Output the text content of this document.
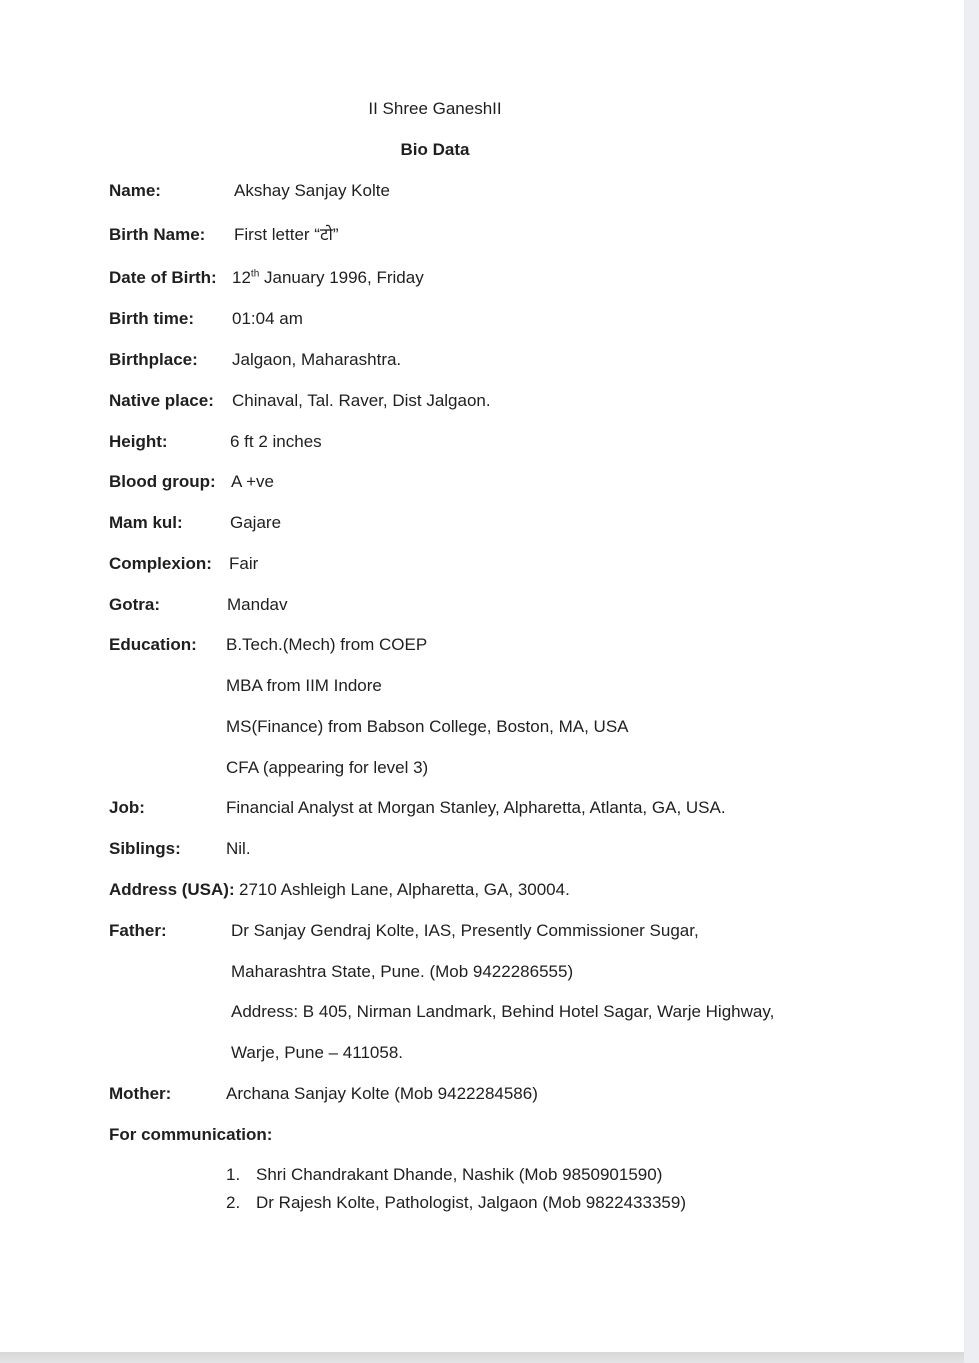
II Shree GaneshII
Bio Data
Name:	Akshay Sanjay Kolte
Birth Name: First letter “टो”
Date of Birth: 12th January 1996, Friday
Birth time: 01:04 am
Birthplace: Jalgaon, Maharashtra.
Native place: Chinaval, Tal. Raver, Dist Jalgaon.
Height:	6 ft 2 inches
Blood group: A +ve
Mam kul:	Gajare
Complexion: Fair
Gotra:	Mandav
Education: B.Tech.(Mech) from COEP
MBA from IIM Indore
MS(Finance) from Babson College, Boston, MA, USA
CFA (appearing for level 3)
Job:	Financial Analyst at Morgan Stanley, Alpharetta, Atlanta, GA, USA.
Siblings:	Nil.
Address (USA): 2710 Ashleigh Lane, Alpharetta, GA, 30004.
Father:	Dr Sanjay Gendraj Kolte, IAS, Presently Commissioner Sugar,
Maharashtra State, Pune. (Mob 9422286555)
Address: B 405, Nirman Landmark, Behind Hotel Sagar, Warje Highway,
Warje, Pune – 411058.
Mother:	Archana Sanjay Kolte (Mob 9422284586)
For communication:
1. Shri Chandrakant Dhande, Nashik (Mob 9850901590)
2. Dr Rajesh Kolte, Pathologist, Jalgaon (Mob 9822433359)
